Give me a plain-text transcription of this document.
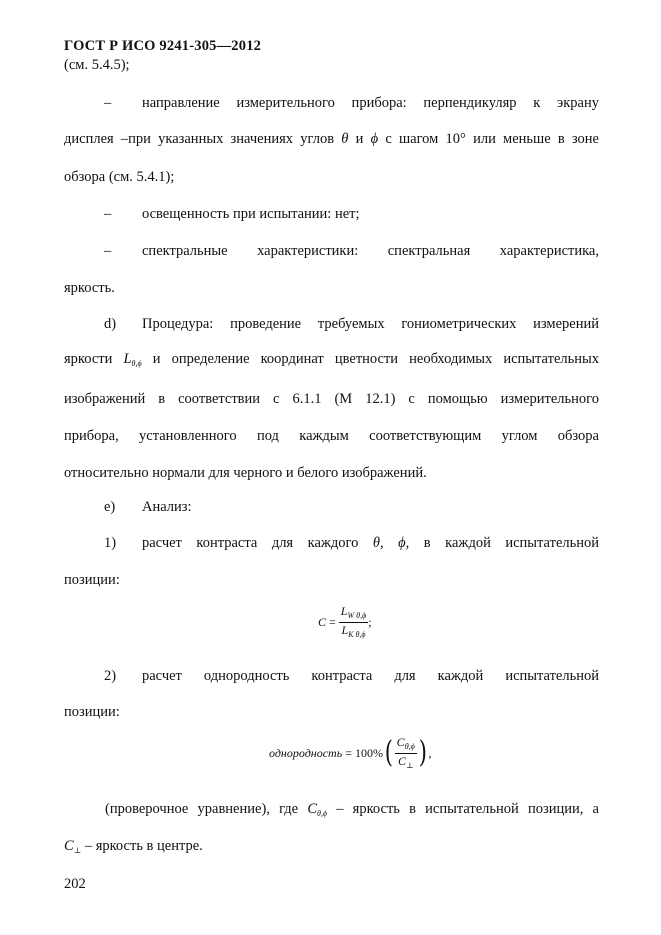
ГОСТ Р ИСО 9241-305—2012
(см. 5.4.5);
–	направление измерительного прибора: перпендикуляр к экрану
дисплея –при указанных значениях углов θ и ϕ с шагом 10° или меньше в зоне
обзора (см. 5.4.1);
–	освещенность при испытании: нет;
–	спектральные характеристики: спектральная характеристика,
яркость.
d)	Процедура: проведение требуемых гониометрических измерений
яркости $L_{\theta,\phi}$ и определение координат цветности необходимых испытательных
изображений в соответствии с 6.1.1 (М 12.1) с помощью измерительного
прибора, установленного под каждым соответствующим углом обзора
относительно нормали для черного и белого изображений.
e)	Анализ:
1)	расчет контраста для каждого θ, ϕ, в каждой испытательной
позиции:
$C = \frac{L_{W \theta,\phi}}{L_{K \theta,\phi}}$ ;
2)	расчет однородность контраста для каждой испытательной
позиции:
однородность = 100% ( $\frac{C_{\theta,\phi}}{C_\perp}$ ) ,
(проверочное уравнение), где $C_{\theta,\phi}$ – яркость в испытательной позиции, а
$C_\perp$ – яркость в центре.
202
